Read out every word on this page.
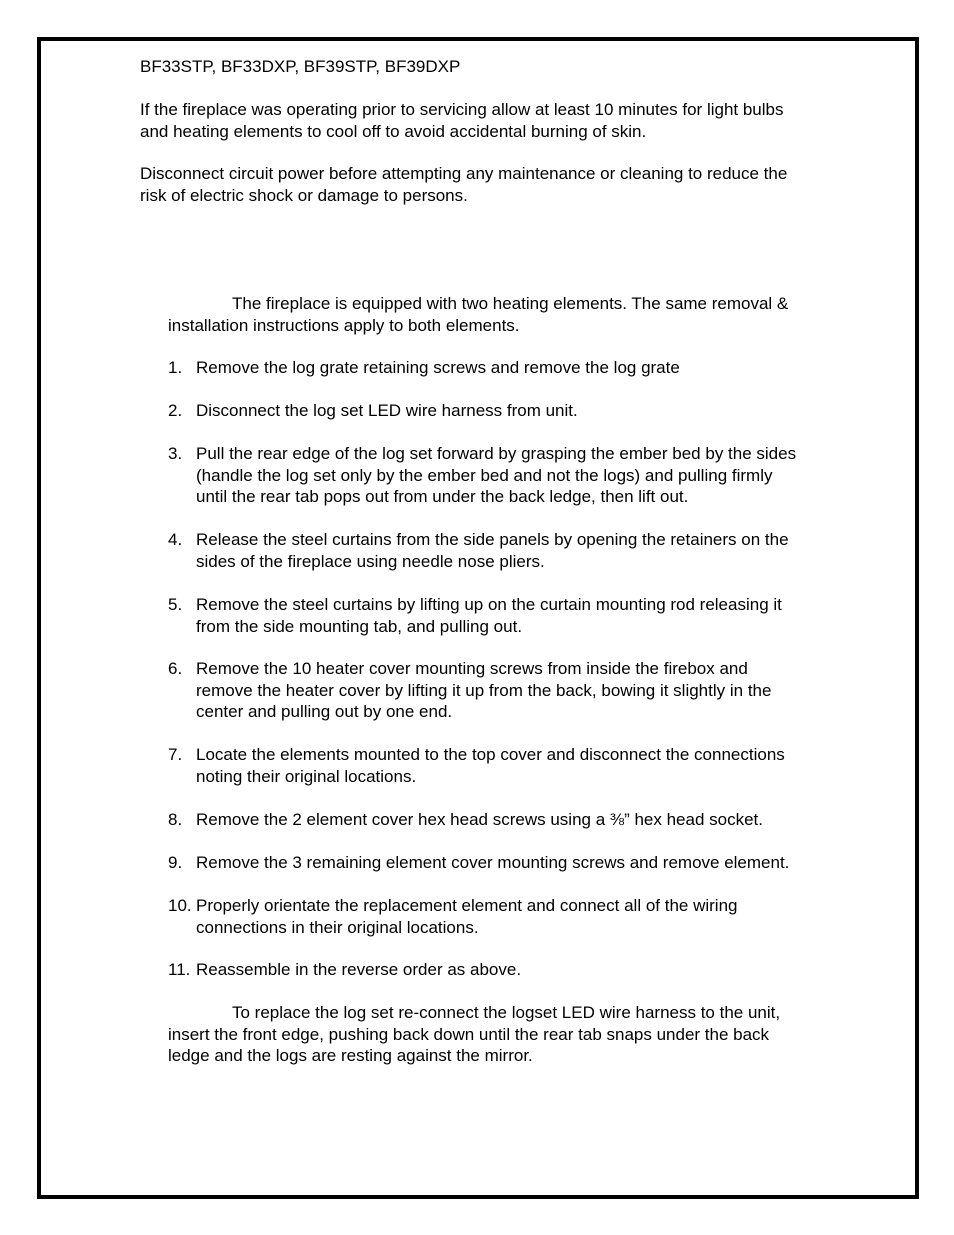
BF33STP, BF33DXP, BF39STP, BF39DXP
If the fireplace was operating prior to servicing allow at least 10 minutes for light bulbs
and heating elements to cool off to avoid accidental burning of skin.
Disconnect circuit power before attempting any maintenance or cleaning to reduce the
risk of electric shock or damage to persons.
The fireplace is equipped with two heating elements. The same removal &
installation instructions apply to both elements.
1. Remove the log grate retaining screws and remove the log grate
2. Disconnect the log set LED wire harness from unit.
3. Pull the rear edge of the log set forward by grasping the ember bed by the sides
(handle the log set only by the ember bed and not the logs) and pulling firmly
until the rear tab pops out from under the back ledge, then lift out.
4. Release the steel curtains from the side panels by opening the retainers on the
sides of the fireplace using needle nose pliers.
5. Remove the steel curtains by lifting up on the curtain mounting rod releasing it
from the side mounting tab, and pulling out.
6. Remove the 10 heater cover mounting screws from inside the firebox and
remove the heater cover by lifting it up from the back, bowing it slightly in the
center and pulling out by one end.
7. Locate the elements mounted to the top cover and disconnect the connections
noting their original locations.
8. Remove the 2 element cover hex head screws using a ⅜” hex head socket.
9. Remove the 3 remaining element cover mounting screws and remove element.
10. Properly orientate the replacement element and connect all of the wiring
connections in their original locations.
11. Reassemble in the reverse order as above.
To replace the log set re-connect the logset LED wire harness to the unit,
insert the front edge, pushing back down until the rear tab snaps under the back
ledge and the logs are resting against the mirror.
